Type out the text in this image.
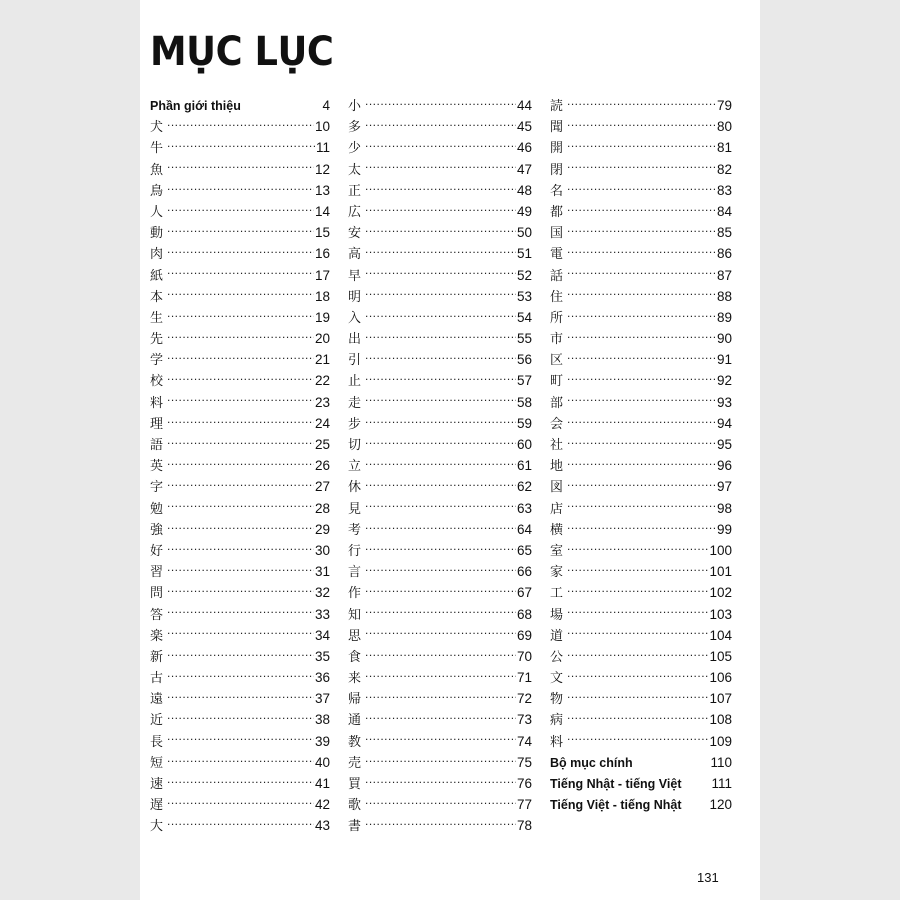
MỤC LỤC
Phần giới thiệu	4
犬 .....	10
牛 .....	11
魚 .....	12
鳥 .....	13
人 .....	14
動 .....	15
肉 .....	16
紙 .....	17
本 .....	18
生 .....	19
先 .....	20
学 .....	21
校 .....	22
料 .....	23
理 .....	24
語 .....	25
英 .....	26
字 .....	27
勉 .....	28
強 .....	29
好 .....	30
習 .....	31
問 .....	32
答 .....	33
楽 .....	34
新 .....	35
古 .....	36
遠 .....	37
近 .....	38
長 .....	39
短 .....	40
速 .....	41
遅 .....	42
大 .....	43
小 .....	44
多 .....	45
少 .....	46
太 .....	47
正 .....	48
広 .....	49
安 .....	50
高 .....	51
早 .....	52
明 .....	53
入 .....	54
出 .....	55
引 .....	56
止 .....	57
走 .....	58
步 .....	59
切 .....	60
立 .....	61
休 .....	62
見 .....	63
考 .....	64
行 .....	65
言 .....	66
作 .....	67
知 .....	68
思 .....	69
食 .....	70
来 .....	71
帰 .....	72
通 .....	73
教 .....	74
売 .....	75
買 .....	76
歌 .....	77
書 .....	78
読 .....	79
聞 .....	80
開 .....	81
閉 .....	82
名 .....	83
都 .....	84
国 .....	85
電 .....	86
話 .....	87
住 .....	88
所 .....	89
市 .....	90
区 .....	91
町 .....	92
部 .....	93
会 .....	94
社 .....	95
地 .....	96
図 .....	97
店 .....	98
横 .....	99
室 .....	100
家 .....	101
工 .....	102
場 .....	103
道 .....	104
公 .....	105
文 .....	106
物 .....	107
病 .....	108
料 .....	109
Bộ mục chính	110
Tiếng Nhật - tiếng Việt	111
Tiếng Việt - tiếng Nhật 120
131
